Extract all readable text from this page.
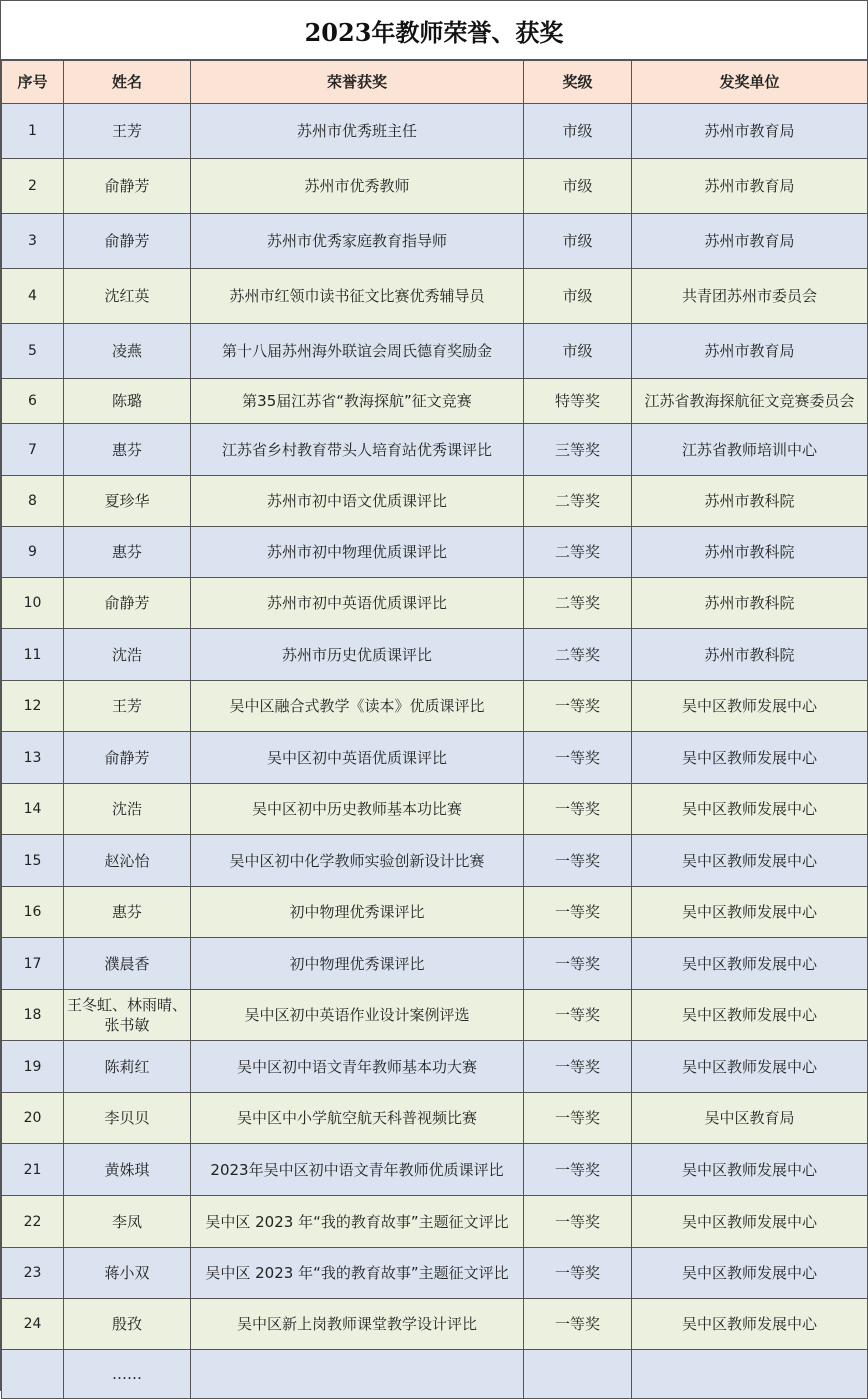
2023年教师荣誉、获奖
序号	姓名	荣誉获奖	奖级	发奖单位
1	王芳	苏州市优秀班主任	市级	苏州市教育局
2	俞静芳	苏州市优秀教师	市级	苏州市教育局
3	俞静芳	苏州市优秀家庭教育指导师	市级	苏州市教育局
4	沈红英	苏州市红领巾读书征文比赛优秀辅导员	市级	共青团苏州市委员会
5	凌燕	第十八届苏州海外联谊会周氏德育奖励金	市级	苏州市教育局
6	陈璐	第35届江苏省“教海探航”征文竞赛	特等奖	江苏省教海探航征文竞赛委员会
7	惠芬	江苏省乡村教育带头人培育站优秀课评比	三等奖	江苏省教师培训中心
8	夏珍华	苏州市初中语文优质课评比	二等奖	苏州市教科院
9	惠芬	苏州市初中物理优质课评比	二等奖	苏州市教科院
10	俞静芳	苏州市初中英语优质课评比	二等奖	苏州市教科院
11	沈浩	苏州市历史优质课评比	二等奖	苏州市教科院
12	王芳	吴中区融合式教学《读本》优质课评比	一等奖	吴中区教师发展中心
13	俞静芳	吴中区初中英语优质课评比	一等奖	吴中区教师发展中心
14	沈浩	吴中区初中历史教师基本功比赛	一等奖	吴中区教师发展中心
15	赵沁怡	吴中区初中化学教师实验创新设计比赛	一等奖	吴中区教师发展中心
16	惠芬	初中物理优秀课评比	一等奖	吴中区教师发展中心
17	濮晨香	初中物理优秀课评比	一等奖	吴中区教师发展中心
18	王冬虹、林雨晴、张书敏	吴中区初中英语作业设计案例评选	一等奖	吴中区教师发展中心
19	陈莉红	吴中区初中语文青年教师基本功大赛	一等奖	吴中区教师发展中心
20	李贝贝	吴中区中小学航空航天科普视频比赛	一等奖	吴中区教育局
21	黄姝琪	2023年吴中区初中语文青年教师优质课评比	一等奖	吴中区教师发展中心
22	李凤	吴中区 2023 年“我的教育故事”主题征文评比	一等奖	吴中区教师发展中心
23	蒋小双	吴中区 2023 年“我的教育故事”主题征文评比	一等奖	吴中区教师发展中心
24	殷孜	吴中区新上岗教师课堂教学设计评比	一等奖	吴中区教师发展中心
	……			
